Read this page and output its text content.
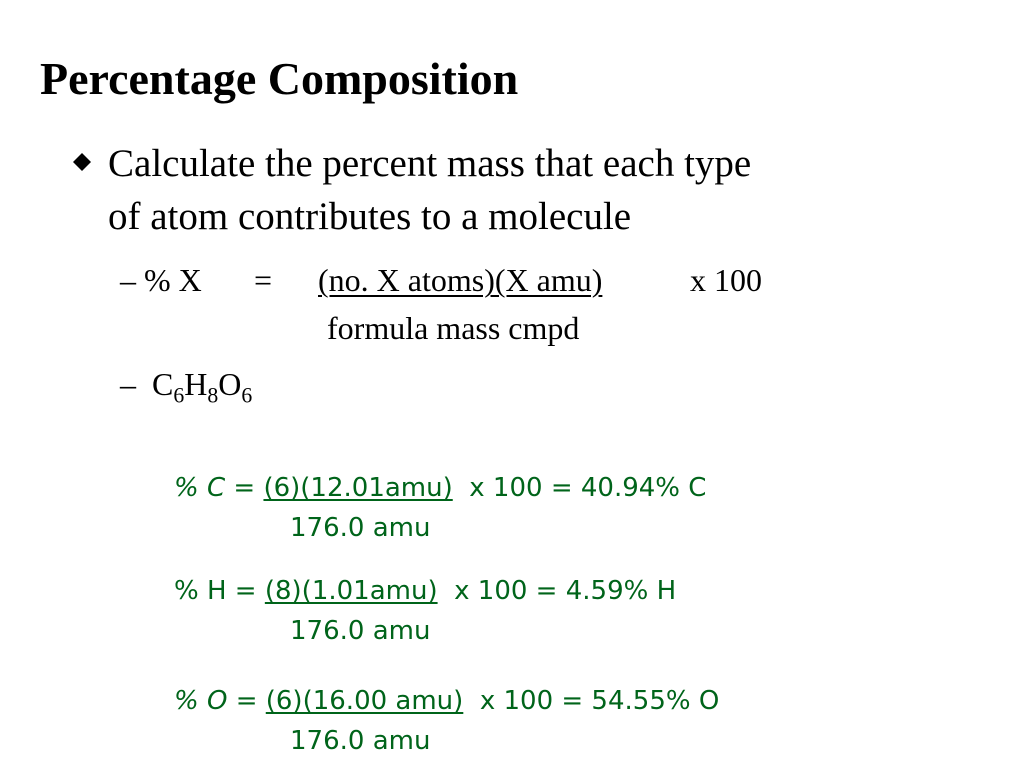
Percentage Composition
Calculate the percent mass that each type
of atom contributes to a molecule
– % X = (no. X atoms)(X amu)	x 100
formula mass cmpd
– $C_6H_8O_6$
% C = (6)(12.01amu) x 100 = 40.94% C
176.0 amu
% H = (8)(1.01amu) x 100 = 4.59% H
176.0 amu
% O = (6)(16.00 amu) x 100 = 54.55% O
176.0 amu
